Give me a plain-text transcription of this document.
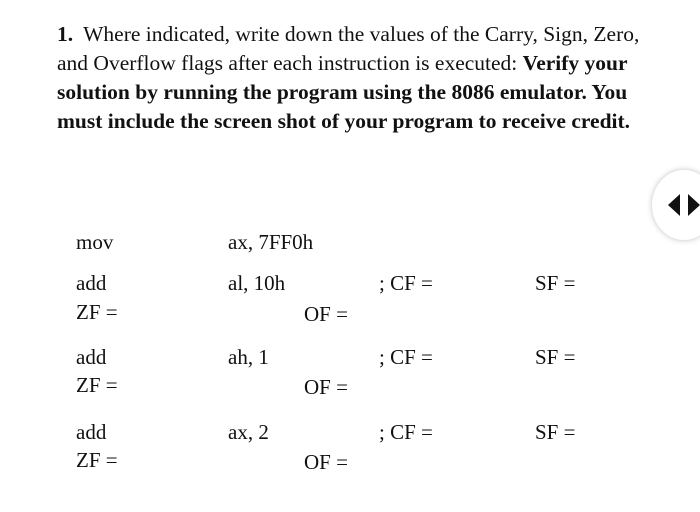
1. Where indicated, write down the values of the Carry, Sign, Zero, and Overflow flags after each instruction is executed: Verify your solution by running the program using the 8086 emulator. You must include the screen shot of your program to receive credit.

mov	ax, 7FF0h
add	al, 10h	; CF =	SF =
ZF =	OF =
add	ah, 1	; CF =	SF =
ZF =	OF =
add	ax, 2	; CF =	SF =
ZF =	OF =
